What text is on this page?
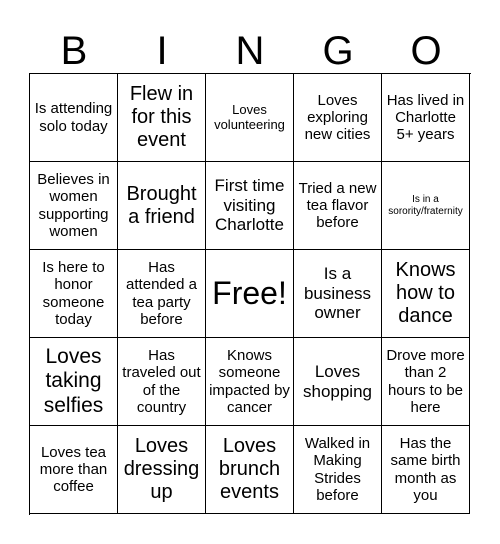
B	I	N	G	O
Is attending solo today
Flew in for this event
Loves volunteering
Loves exploring new cities
Has lived in Charlotte 5+ years
Believes in women supporting women
Brought a friend
First time visiting Charlotte
Tried a new tea flavor before
Is in a sorority/fraternity
Is here to honor someone today
Has attended a tea party before
Free!
Is a business owner
Knows how to dance
Loves taking selfies
Has traveled out of the country
Knows someone impacted by cancer
Loves shopping
Drove more than 2 hours to be here
Loves tea more than coffee
Loves dressing up
Loves brunch events
Walked in Making Strides before
Has the same birth month as you
